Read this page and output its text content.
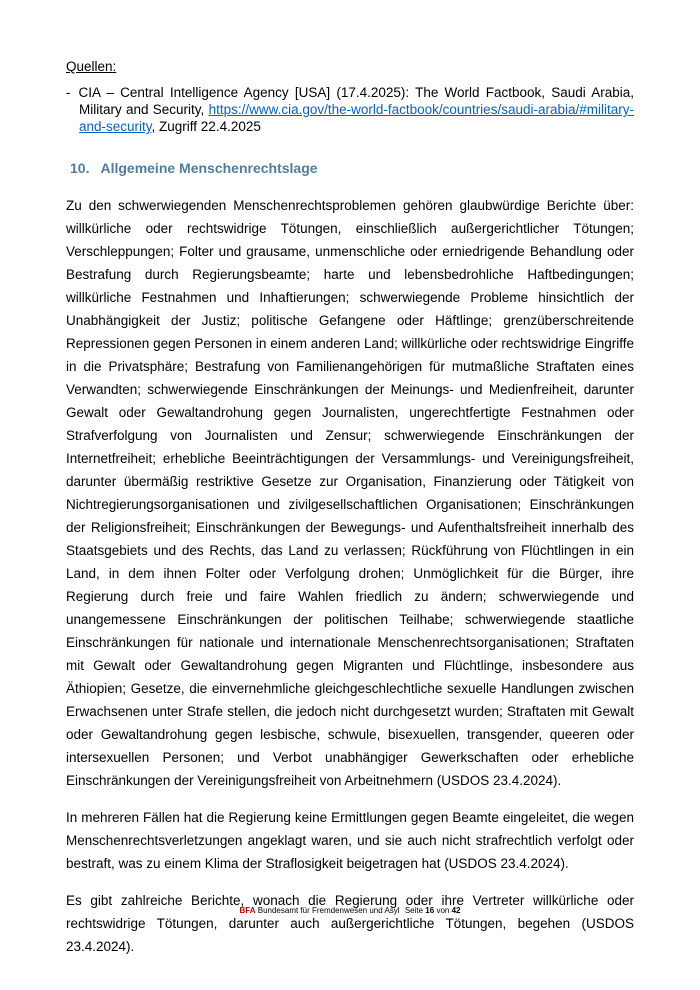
Quellen:
- CIA – Central Intelligence Agency [USA] (17.4.2025): The World Factbook, Saudi Arabia, Military and Security, https://www.cia.gov/the-world-factbook/countries/saudi-arabia/#military-and-security, Zugriff 22.4.2025
10. Allgemeine Menschenrechtslage

Zu den schwerwiegenden Menschenrechtsproblemen gehören glaubwürdige Berichte über: willkürliche oder rechtswidrige Tötungen, einschließlich außergerichtlicher Tötungen; Verschleppungen; Folter und grausame, unmenschliche oder erniedrigende Behandlung oder Bestrafung durch Regierungsbeamte; harte und lebensbedrohliche Haftbedingungen; willkürliche Festnahmen und Inhaftierungen; schwerwiegende Probleme hinsichtlich der Unabhängigkeit der Justiz; politische Gefangene oder Häftlinge; grenzüberschreitende Repressionen gegen Personen in einem anderen Land; willkürliche oder rechtswidrige Eingriffe in die Privatsphäre; Bestrafung von Familienangehörigen für mutmaßliche Straftaten eines Verwandten; schwerwiegende Einschränkungen der Meinungs- und Medienfreiheit, darunter Gewalt oder Gewaltandrohung gegen Journalisten, ungerechtfertigte Festnahmen oder Strafverfolgung von Journalisten und Zensur; schwerwiegende Einschränkungen der Internetfreiheit; erhebliche Beeinträchtigungen der Versammlungs- und Vereinigungsfreiheit, darunter übermäßig restriktive Gesetze zur Organisation, Finanzierung oder Tätigkeit von Nichtregierungsorganisationen und zivilgesellschaftlichen Organisationen; Einschränkungen der Religionsfreiheit; Einschränkungen der Bewegungs- und Aufenthaltsfreiheit innerhalb des Staatsgebiets und des Rechts, das Land zu verlassen; Rückführung von Flüchtlingen in ein Land, in dem ihnen Folter oder Verfolgung drohen; Unmöglichkeit für die Bürger, ihre Regierung durch freie und faire Wahlen friedlich zu ändern; schwerwiegende und unangemessene Einschränkungen der politischen Teilhabe; schwerwiegende staatliche Einschränkungen für nationale und internationale Menschenrechtsorganisationen; Straftaten mit Gewalt oder Gewaltandrohung gegen Migranten und Flüchtlinge, insbesondere aus Äthiopien; Gesetze, die einvernehmliche gleichgeschlechtliche sexuelle Handlungen zwischen Erwachsenen unter Strafe stellen, die jedoch nicht durchgesetzt wurden; Straftaten mit Gewalt oder Gewaltandrohung gegen lesbische, schwule, bisexuellen, transgender, queeren oder intersexuellen Personen; und Verbot unabhängiger Gewerkschaften oder erhebliche Einschränkungen der Vereinigungsfreiheit von Arbeitnehmern (USDOS 23.4.2024).

In mehreren Fällen hat die Regierung keine Ermittlungen gegen Beamte eingeleitet, die wegen Menschenrechtsverletzungen angeklagt waren, und sie auch nicht strafrechtlich verfolgt oder bestraft, was zu einem Klima der Straflosigkeit beigetragen hat (USDOS 23.4.2024).

Es gibt zahlreiche Berichte, wonach die Regierung oder ihre Vertreter willkürliche oder rechtswidrige Tötungen, darunter auch außergerichtliche Tötungen, begehen (USDOS 23.4.2024).

BFA Bundesamt für Fremdenwesen und Asyl Seite 16 von 42
